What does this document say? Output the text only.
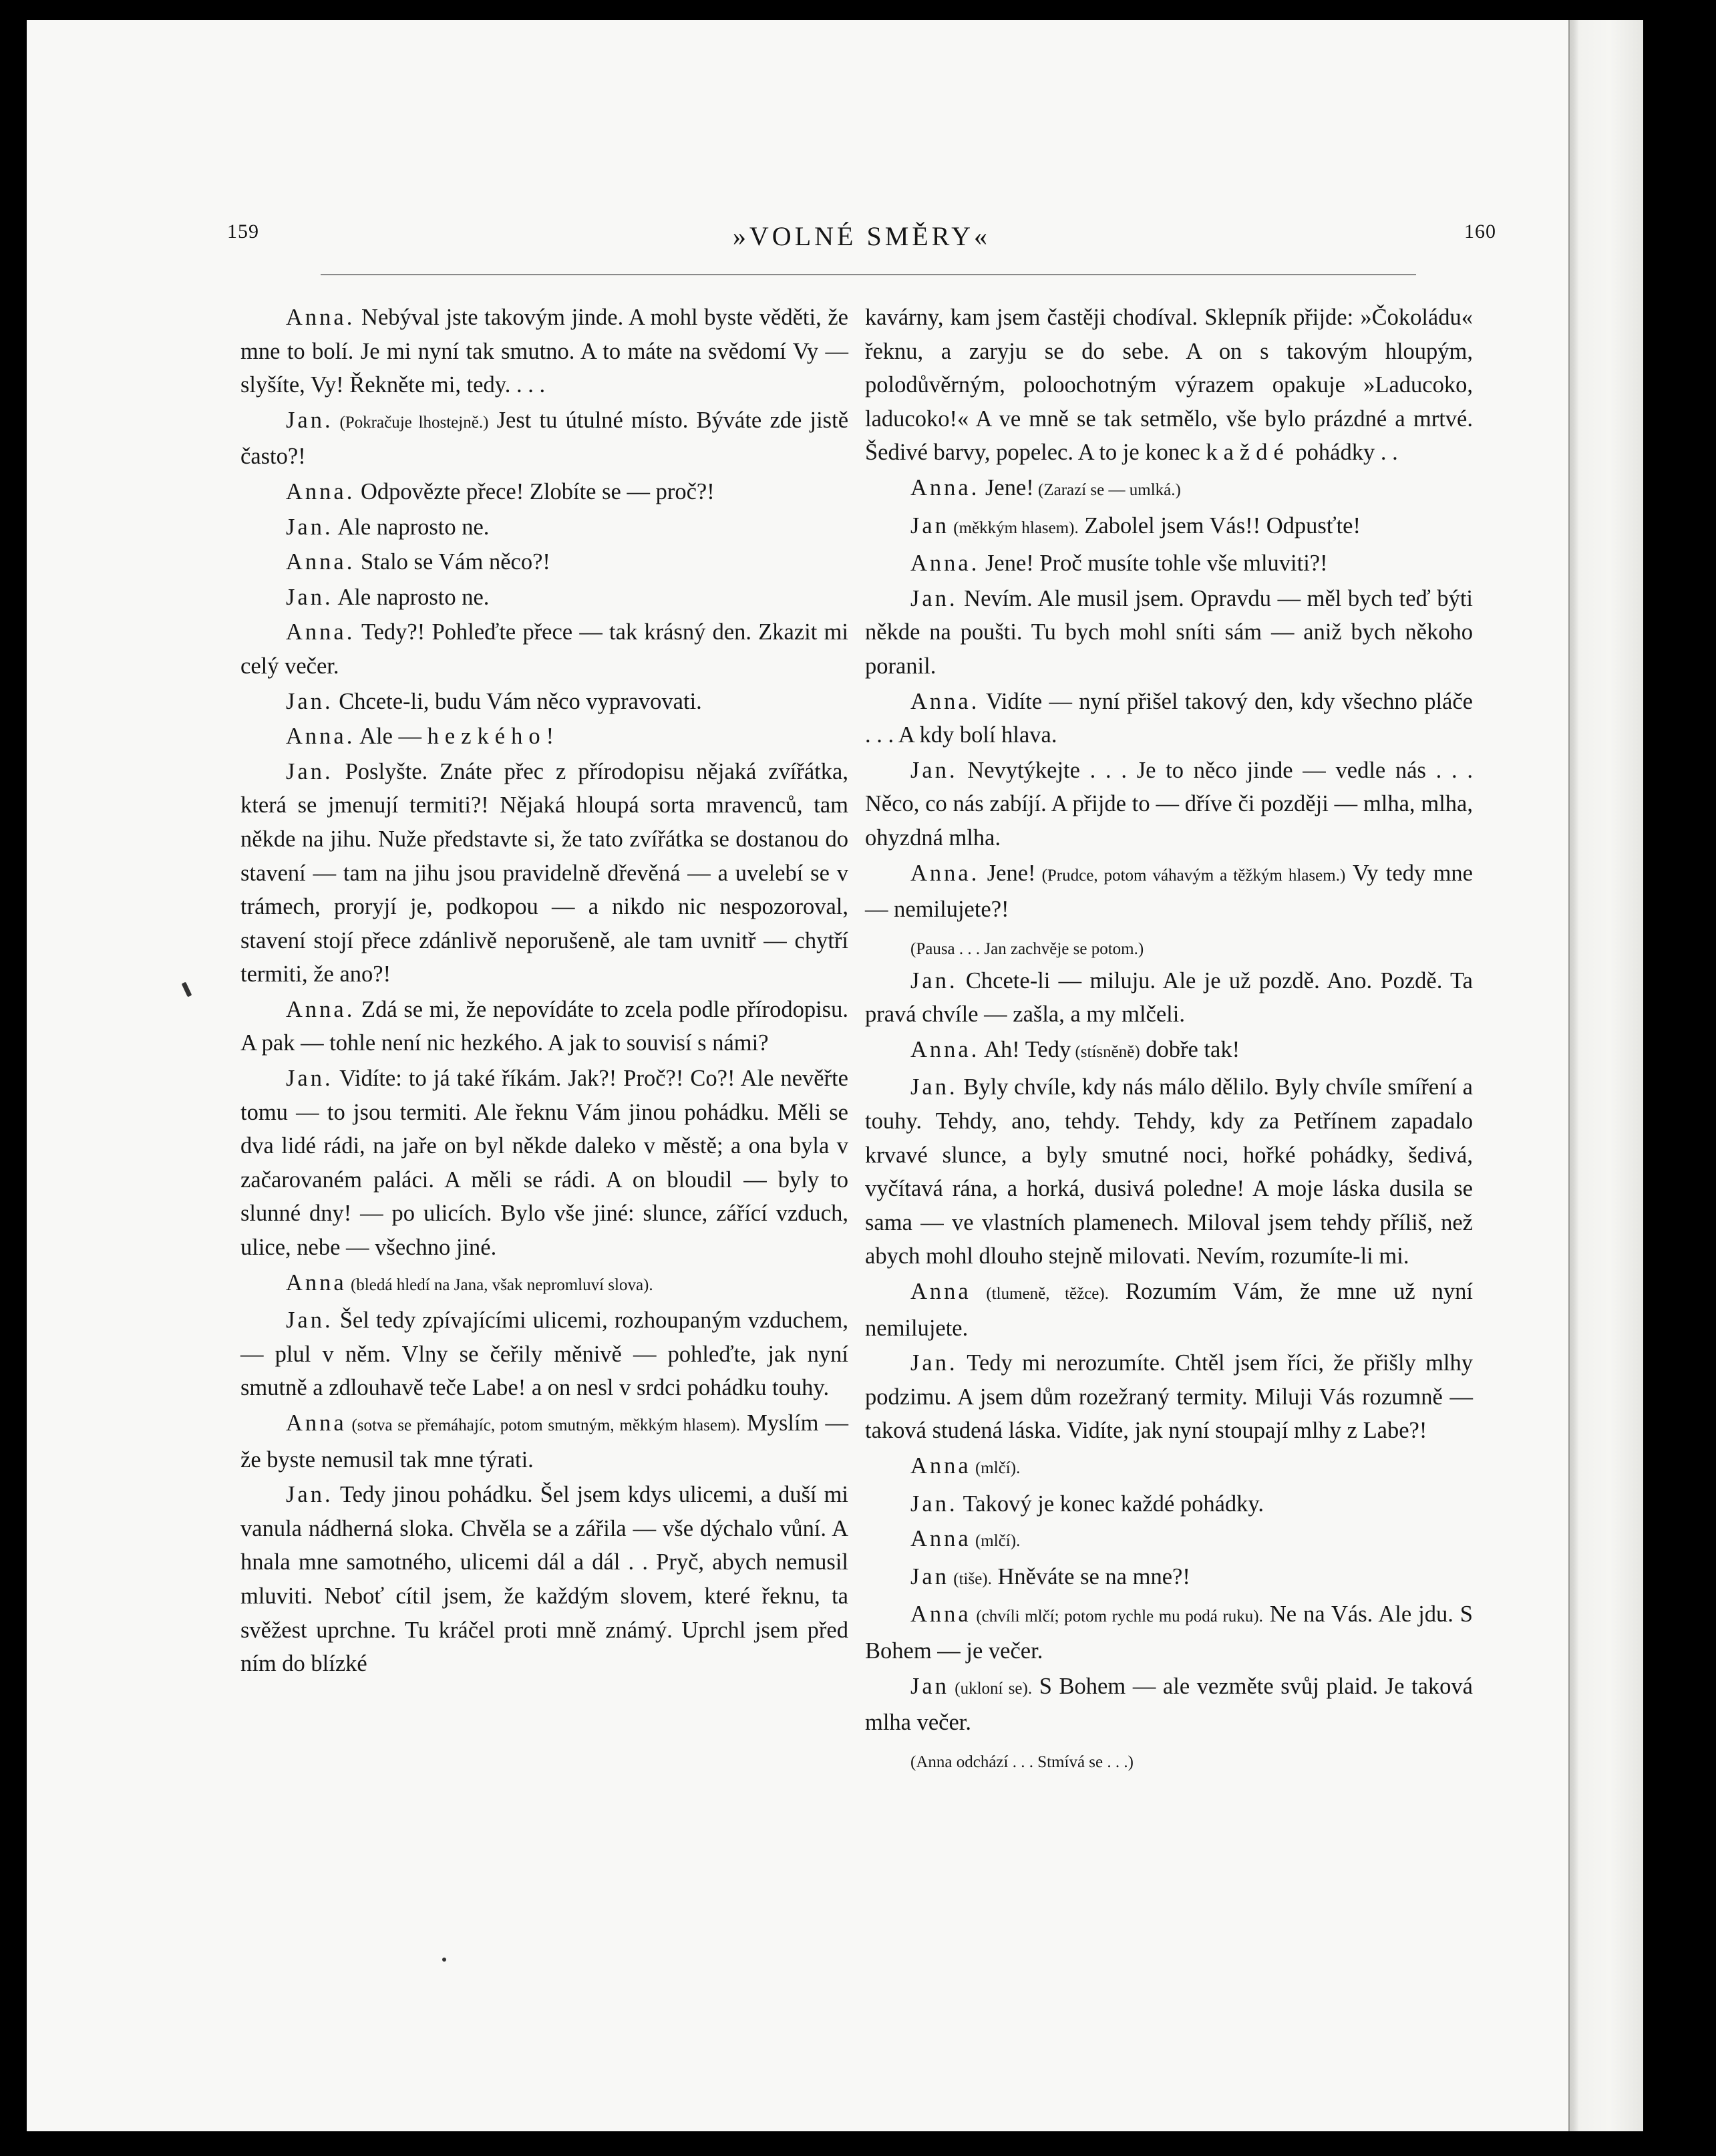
159	»VOLNÉ SMĚRY«	160

Anna. Nebýval jste takovým jinde. A mohl byste věděti, že mne to bolí. Je mi nyní tak smutno. A to máte na svědomí Vy — slyšíte, Vy! Řekněte mi, tedy. . . .

Jan. (Pokračuje lhostejně.) Jest tu útulné místo. Býváte zde jistě často?!

Anna. Odpovězte přece! Zlobíte se — proč?!

Jan. Ale naprosto ne.

Anna. Stalo se Vám něco?!

Jan. Ale naprosto ne.

Anna. Tedy?! Pohleďte přece — tak krásný den. Zkazit mi celý večer.

Jan. Chcete-li, budu Vám něco vypravovati.

Anna. Ale — hezkého!

Jan. Poslyšte. Znáte přec z přírodopisu nějaká zvířátka, která se jmenují termiti?! Nějaká hloupá sorta mravenců, tam někde na jihu. Nuže představte si, že tato zvířátka se dostanou do stavení — tam na jihu jsou pravidelně dřevěná — a uvelebí se v trámech, proryjí je, podkopou — a nikdo nic nespozoroval, stavení stojí přece zdánlivě neporušeně, ale tam uvnitř — chytří termiti, že ano?!

Anna. Zdá se mi, že nepovídáte to zcela podle přírodopisu. A pak — tohle není nic hezkého. A jak to souvisí s námi?

Jan. Vidíte: to já také říkám. Jak?! Proč?! Co?! Ale nevěřte tomu — to jsou termiti. Ale řeknu Vám jinou pohádku. Měli se dva lidé rádi, na jaře on byl někde daleko v městě; a ona byla v začarovaném paláci. A měli se rádi. A on bloudil — byly to slunné dny! — po ulicích. Bylo vše jiné: slunce, zářící vzduch, ulice, nebe — všechno jiné.

Anna (bledá hledí na Jana, však nepromluví slova).

Jan. Šel tedy zpívajícími ulicemi, rozhoupaným vzduchem, — plul v něm. Vlny se čeřily měnivě — pohleďte, jak nyní smutně a zdlouhavě teče Labe! a on nesl v srdci pohádku touhy.

Anna (sotva se přemáhajíc, potom smutným, měkkým hlasem). Myslím — že byste nemusil tak mne týrati.

Jan. Tedy jinou pohádku. Šel jsem kdys ulicemi, a duší mi vanula nádherná sloka. Chvěla se a zářila — vše dýchalo vůní. A hnala mne samotného, ulicemi dál a dál . . Pryč, abych nemusil mluviti. Neboť cítil jsem, že každým slovem, které řeknu, ta svěžest uprchne. Tu kráčel proti mně známý. Uprchl jsem před ním do blízké

kavárny, kam jsem častěji chodíval. Sklepník přijde: »Čokoládu« řeknu, a zaryju se do sebe. A on s takovým hloupým, polodůvěrným, poloochotným výrazem opakuje »Laducoko, laducoko!« A ve mně se tak setmělo, vše bylo prázdné a mrtvé. Šedivé barvy, popelec. A to je konec každé pohádky . .

Anna. Jene! (Zarazí se — umlká.)

Jan (měkkým hlasem). Zabolel jsem Vás!! Odpusťte!

Anna. Jene! Proč musíte tohle vše mluviti?!

Jan. Nevím. Ale musil jsem. Opravdu — měl bych teď býti někde na poušti. Tu bych mohl sníti sám — aniž bych někoho poranil.

Anna. Vidíte — nyní přišel takový den, kdy všechno pláče . . . A kdy bolí hlava.

Jan. Nevytýkejte . . . Je to něco jinde — vedle nás . . . Něco, co nás zabíjí. A přijde to — dříve či později — mlha, mlha, ohyzdná mlha.

Anna. Jene! (Prudce, potom váhavým a těžkým hlasem.) Vy tedy mne — nemilujete?!

(Pausa . . . Jan zachvěje se potom.)

Jan. Chcete-li — miluju. Ale je už pozdě. Ano. Pozdě. Ta pravá chvíle — zašla, a my mlčeli.

Anna. Ah! Tedy (stísněně) dobře tak!

Jan. Byly chvíle, kdy nás málo dělilo. Byly chvíle smíření a touhy. Tehdy, ano, tehdy. Tehdy, kdy za Petřínem zapadalo krvavé slunce, a byly smutné noci, hořké pohádky, šedivá, vyčítavá rána, a horká, dusivá poledne! A moje láska dusila se sama — ve vlastních plamenech. Miloval jsem tehdy příliš, než abych mohl dlouho stejně milovati. Nevím, rozumíte-li mi.

Anna (tlumeně, těžce). Rozumím Vám, že mne už nyní nemilujete.

Jan. Tedy mi nerozumíte. Chtěl jsem říci, že přišly mlhy podzimu. A jsem dům rozežraný termity. Miluji Vás rozumně — taková studená láska. Vidíte, jak nyní stoupají mlhy z Labe?!

Anna (mlčí).

Jan. Takový je konec každé pohádky.

Anna (mlčí).

Jan (tiše). Hněváte se na mne?!

Anna (chvíli mlčí; potom rychle mu podá ruku). Ne na Vás. Ale jdu. S Bohem — je večer.

Jan (ukloní se). S Bohem — ale vezměte svůj plaid. Je taková mlha večer.

(Anna odchází . . . Stmívá se . . .)
